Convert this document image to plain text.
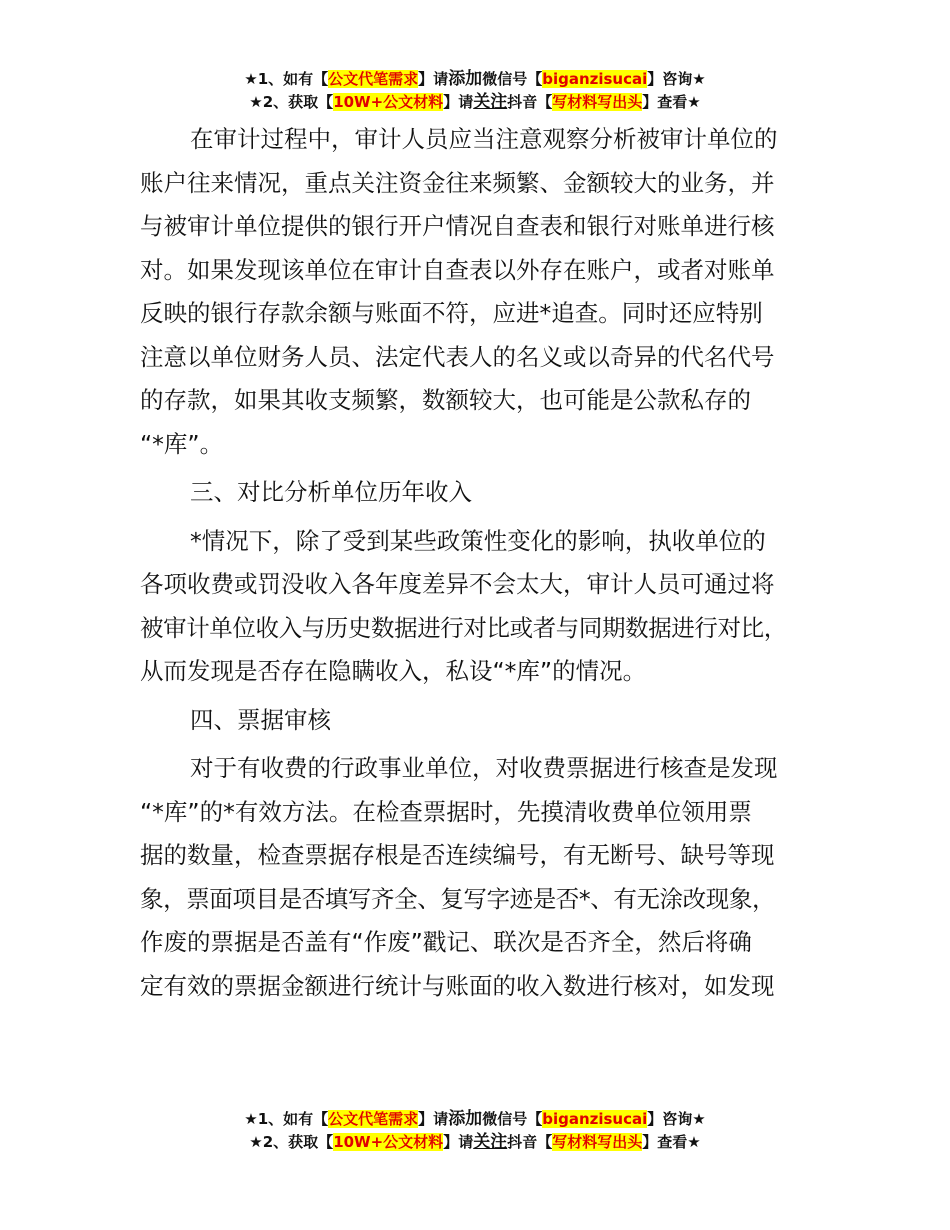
★1、如有【公文代笔需求】请添加微信号【biganzisucai】咨询★
★2、获取【10W+公文材料】请关注抖音【写材料写出头】查看★

在审计过程中，审计人员应当注意观察分析被审计单位的

账户往来情况，重点关注资金往来频繁、金额较大的业务，并

与被审计单位提供的银行开户情况自查表和银行对账单进行核

对。如果发现该单位在审计自查表以外存在账户，或者对账单

反映的银行存款余额与账面不符，应进*追查。同时还应特别

注意以单位财务人员、法定代表人的名义或以奇异的代名代号

的存款，如果其收支频繁，数额较大，也可能是公款私存的

“*库”。

三、对比分析单位历年收入

*情况下，除了受到某些政策性变化的影响，执收单位的

各项收费或罚没收入各年度差异不会太大，审计人员可通过将

被审计单位收入与历史数据进行对比或者与同期数据进行对比，

从而发现是否存在隐瞒收入，私设“*库”的情况。

四、票据审核

对于有收费的行政事业单位，对收费票据进行核查是发现

“*库”的*有效方法。在检查票据时，先摸清收费单位领用票

据的数量，检查票据存根是否连续编号，有无断号、缺号等现

象，票面项目是否填写齐全、复写字迹是否*、有无涂改现象，

作废的票据是否盖有“作废”戳记、联次是否齐全，然后将确

定有效的票据金额进行统计与账面的收入数进行核对，如发现

★1、如有【公文代笔需求】请添加微信号【biganzisucai】咨询★
★2、获取【10W+公文材料】请关注抖音【写材料写出头】查看★
